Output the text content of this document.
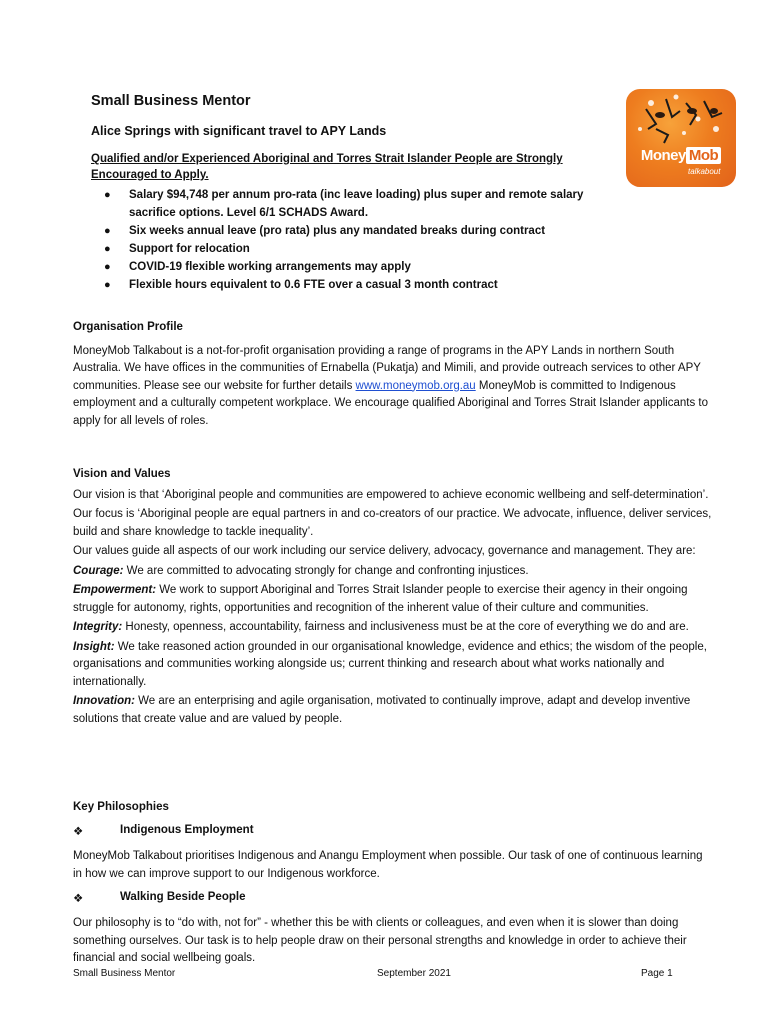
Small Business Mentor
Alice Springs with significant travel to APY Lands
Qualified and/or Experienced Aboriginal and Torres Strait Islander People are Strongly Encouraged to Apply.
Money Mob
talkabout
● Salary $94,748 per annum pro-rata (inc leave loading) plus super and remote salary sacrifice options. Level 6/1 SCHADS Award.
● Six weeks annual leave (pro rata) plus any mandated breaks during contract
● Support for relocation
● COVID-19 flexible working arrangements may apply
● Flexible hours equivalent to 0.6 FTE over a casual 3 month contract
Organisation Profile

MoneyMob Talkabout is a not-for-profit organisation providing a range of programs in the APY Lands in northern South Australia. We have offices in the communities of Ernabella (Pukatja) and Mimili, and provide outreach services to other APY communities. Please see our website for further details www.moneymob.org.au MoneyMob is committed to Indigenous employment and a culturally competent workplace. We encourage qualified Aboriginal and Torres Strait Islander applicants to apply for all levels of roles.

Vision and Values

Our vision is that ‘Aboriginal people and communities are empowered to achieve economic wellbeing and self-determination’.

Our focus is ‘Aboriginal people are equal partners in and co-creators of our practice. We advocate, influence, deliver services, build and share knowledge to tackle inequality’.

Our values guide all aspects of our work including our service delivery, advocacy, governance and management. They are:

Courage: We are committed to advocating strongly for change and confronting injustices.

Empowerment: We work to support Aboriginal and Torres Strait Islander people to exercise their agency in their ongoing struggle for autonomy, rights, opportunities and recognition of the inherent value of their culture and communities.

Integrity: Honesty, openness, accountability, fairness and inclusiveness must be at the core of everything we do and are.

Insight: We take reasoned action grounded in our organisational knowledge, evidence and ethics; the wisdom of the people, organisations and communities working alongside us; current thinking and research about what works nationally and internationally.

Innovation: We are an enterprising and agile organisation, motivated to continually improve, adapt and develop inventive solutions that create value and are valued by people.

Key Philosophies
❖	Indigenous Employment

MoneyMob Talkabout prioritises Indigenous and Anangu Employment when possible. Our task of one of continuous learning in how we can improve support to our Indigenous workforce.

❖	Walking Beside People

Our philosophy is to “do with, not for” - whether this be with clients or colleagues, and even when it is slower than doing something ourselves. Our task is to help people draw on their personal strengths and knowledge in order to achieve their financial and social wellbeing goals.

Small Business Mentor	September 2021	Page 1
